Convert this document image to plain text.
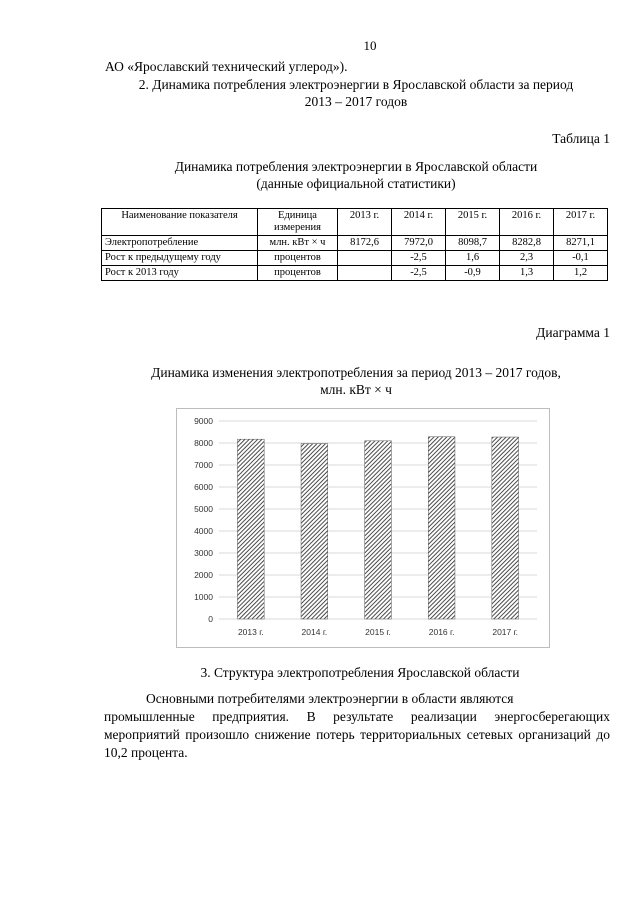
10
АО «Ярославский технический углерод»).
2. Динамика потребления электроэнергии в Ярославской области за период
2013 – 2017 годов
Таблица 1
Динамика потребления электроэнергии в Ярославской области
(данные официальной статистики)
Наименование показателя	Единица измерения	2013 г.	2014 г.	2015 г.	2016 г.	2017 г.
Электропотребление	млн. кВт × ч	8172,6	7972,0	8098,7	8282,8	8271,1
Рост к предыдущему году	процентов		-2,5	1,6	2,3	-0,1
Рост к 2013 году	процентов		-2,5	-0,9	1,3	1,2
Диаграмма 1
Динамика изменения электропотребления за период 2013 – 2017 годов,
млн. кВт × ч
0
1000
2000
3000
4000
5000
6000
7000
8000
9000
2013 г.	2014 г.	2015 г.	2016 г.	2017 г.
3. Структура электропотребления Ярославской области
Основными потребителями электроэнергии в области являются
промышленные предприятия. В результате реализации энергосберегающих мероприятий произошло снижение потерь территориальных сетевых организаций до 10,2 процента.
